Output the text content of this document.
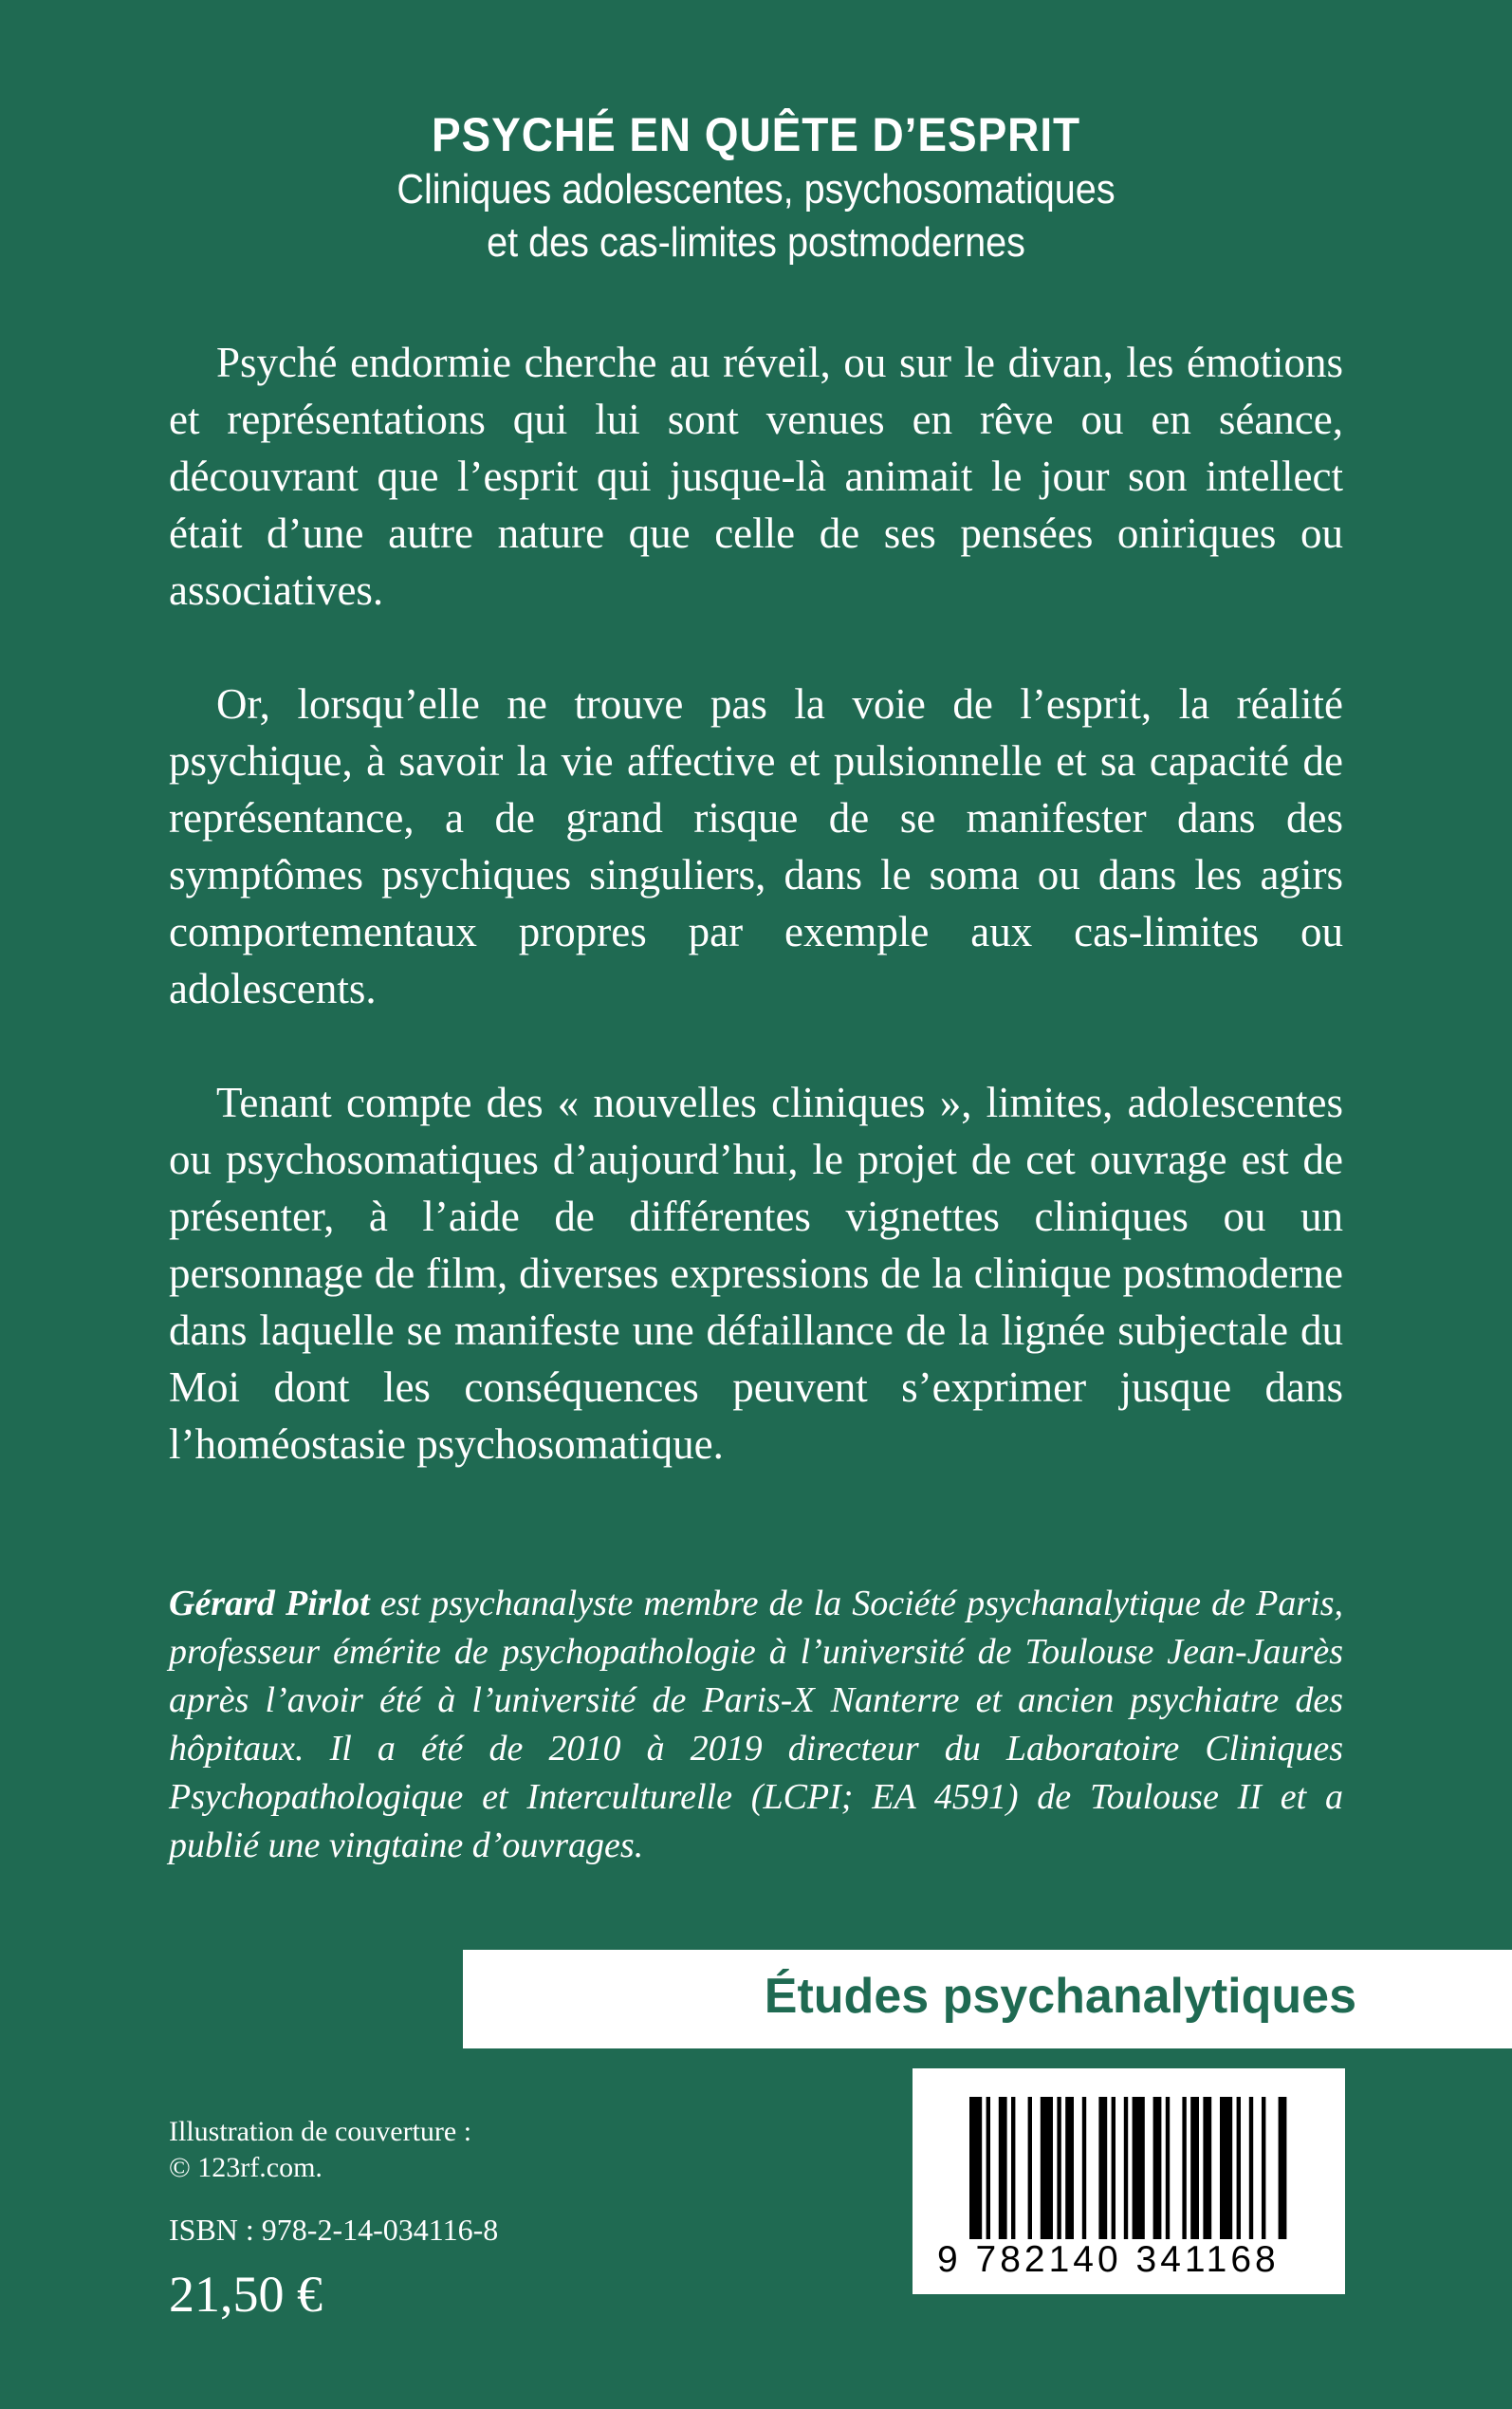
PSYCHÉ EN QUÊTE D’ESPRIT
Cliniques adolescentes, psychosomatiques
et des cas-limites postmodernes

Psyché endormie cherche au réveil, ou sur le divan, les émotions et représentations qui lui sont venues en rêve ou en séance, découvrant que l’esprit qui jusque-là animait le jour son intellect était d’une autre nature que celle de ses pensées oniriques ou associatives.

Or, lorsqu’elle ne trouve pas la voie de l’esprit, la réalité psychique, à savoir la vie affective et pulsionnelle et sa capacité de représentance, a de grand risque de se manifester dans des symptômes psychiques singuliers, dans le soma ou dans les agirs comportementaux propres par exemple aux cas-limites ou adolescents.

Tenant compte des « nouvelles cliniques », limites, adolescentes ou psychosomatiques d’aujourd’hui, le projet de cet ouvrage est de présenter, à l’aide de différentes vignettes cliniques ou un personnage de film, diverses expressions de la clinique postmoderne dans laquelle se manifeste une défaillance de la lignée subjectale du Moi dont les conséquences peuvent s’exprimer jusque dans l’homéostasie psychosomatique.

Gérard Pirlot est psychanalyste membre de la Société psychanalytique de Paris, professeur émérite de psychopathologie à l’université de Toulouse Jean-Jaurès après l’avoir été à l’université de Paris-X Nanterre et ancien psychiatre des hôpitaux. Il a été de 2010 à 2019 directeur du Laboratoire Cliniques Psychopathologique et Interculturelle (LCPI; EA 4591) de Toulouse II et a publié une vingtaine d’ouvrages.
Études psychanalytiques
Illustration de couverture :
© 123rf.com.
ISBN : 978-2-14-034116-8
21,50 €
9 782140 341168
